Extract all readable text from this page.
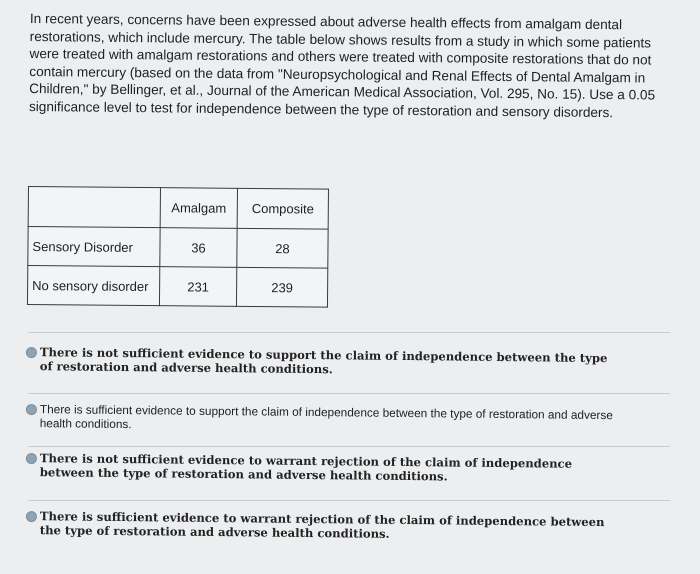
In recent years, concerns have been expressed about adverse health effects from amalgam dental restorations, which include mercury. The table below shows results from a study in which some patients were treated with amalgam restorations and others were treated with composite restorations that do not contain mercury (based on the data from "Neuropsychological and Renal Effects of Dental Amalgam in Children," by Bellinger, et al., Journal of the American Medical Association, Vol. 295, No. 15). Use a 0.05 significance level to test for independence between the type of restoration and sensory disorders.

	Amalgam	Composite
Sensory Disorder	36	28
No sensory disorder	231	239
There is not sufficient evidence to support the claim of independence between the type of restoration and adverse health conditions.
There is sufficient evidence to support the claim of independence between the type of restoration and adverse health conditions.
There is not sufficient evidence to warrant rejection of the claim of independence between the type of restoration and adverse health conditions.
There is sufficient evidence to warrant rejection of the claim of independence between the type of restoration and adverse health conditions.
